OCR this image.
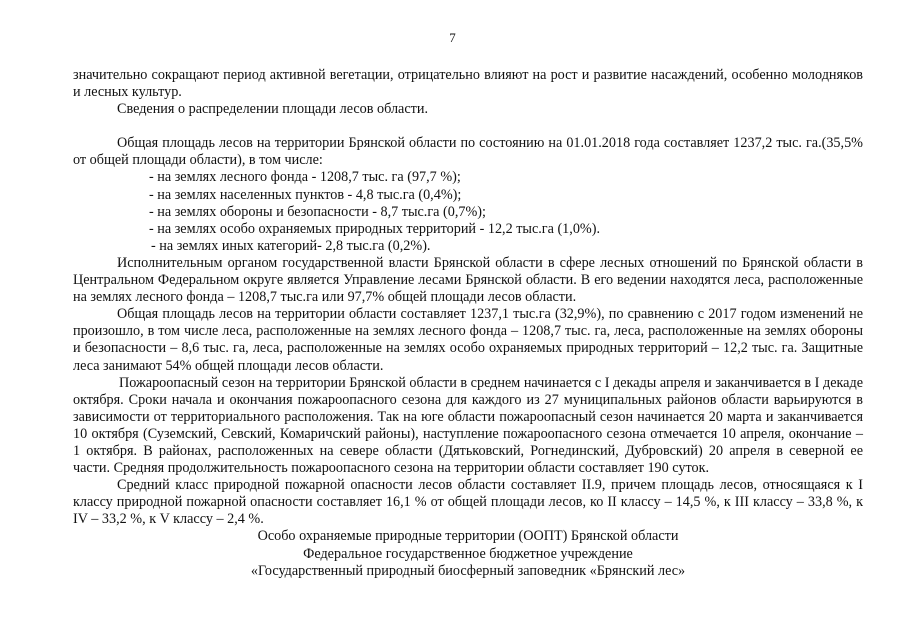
7

значительно сокращают период активной вегетации, отрицательно влияют на рост и развитие насаждений, особенно молодняков и лесных культур.

Сведения о распределении площади лесов области.

Общая площадь лесов на территории Брянской области по состоянию на 01.01.2018 года составляет 1237,2 тыс. га.(35,5% от общей площади области), в том числе:

- на землях лесного фонда - 1208,7 тыс. га (97,7 %);
- на землях населенных пунктов - 4,8 тыс.га (0,4%);
- на землях обороны и безопасности - 8,7 тыс.га (0,7%);
- на землях особо охраняемых природных территорий - 12,2 тыс.га (1,0%).
- на землях иных категорий- 2,8 тыс.га (0,2%).

Исполнительным органом государственной власти Брянской области в сфере лесных отношений по Брянской области в Центральном Федеральном округе является Управление лесами Брянской области. В его ведении находятся леса, расположенные на землях лесного фонда – 1208,7 тыс.га или 97,7% общей площади лесов области.

Общая площадь лесов на территории области составляет 1237,1 тыс.га (32,9%), по сравнению с 2017 годом изменений не произошло, в том числе леса, расположенные на землях лесного фонда – 1208,7 тыс. га, леса, расположенные на землях обороны и безопасности – 8,6 тыс. га, леса, расположенные на землях особо охраняемых природных территорий – 12,2 тыс. га. Защитные леса занимают 54% общей площади лесов области.

Пожароопасный сезон на территории Брянской области в среднем начинается с I декады апреля и заканчивается в I декаде октября. Сроки начала и окончания пожароопасного сезона для каждого из 27 муниципальных районов области варьируются в зависимости от территориального расположения. Так на юге области пожароопасный сезон начинается 20 марта и заканчивается 10 октября (Суземский, Севский, Комаричский районы), наступление пожароопасного сезона отмечается 10 апреля, окончание – 1 октября. В районах, расположенных на севере области (Дятьковский, Рогнединский, Дубровский) 20 апреля в северной ее части. Средняя продолжительность пожароопасного сезона на территории области составляет 190 суток.

Средний класс природной пожарной опасности лесов области составляет II.9, причем площадь лесов, относящаяся к I классу природной пожарной опасности составляет 16,1 % от общей площади лесов, ко II классу – 14,5 %, к III классу – 33,8 %, к IV – 33,2 %, к V классу – 2,4 %.

Особо охраняемые природные территории (ООПТ) Брянской области
Федеральное государственное бюджетное учреждение
«Государственный природный биосферный заповедник «Брянский лес»
